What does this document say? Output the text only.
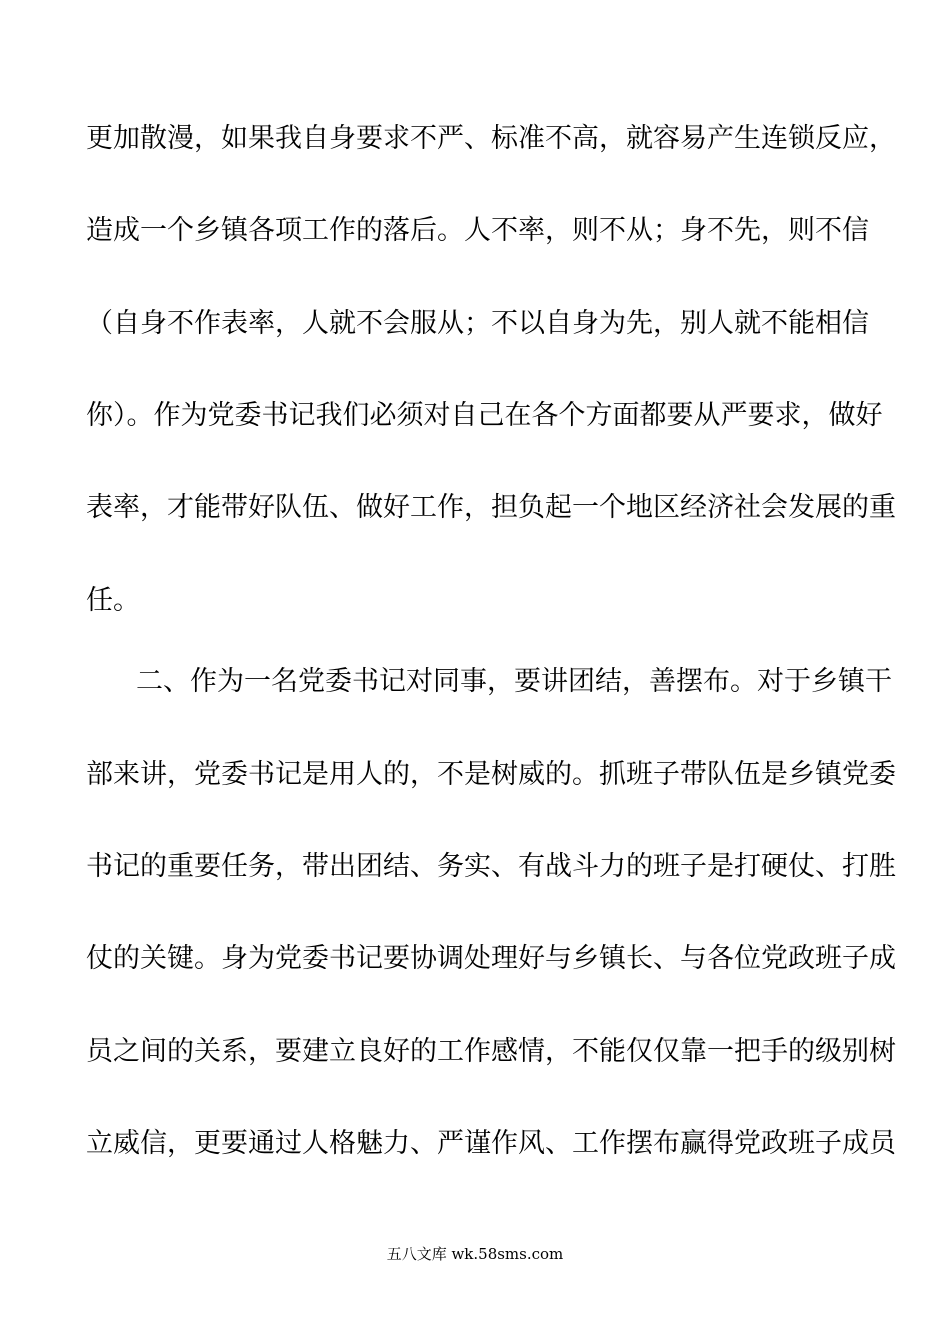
更加散漫，如果我自身要求不严、标准不高，就容易产生连锁反应，
造成一个乡镇各项工作的落后。人不率，则不从；身不先，则不信
（自身不作表率，人就不会服从；不以自身为先，别人就不能相信
你）。作为党委书记我们必须对自己在各个方面都要从严要求，做好
表率，才能带好队伍、做好工作，担负起一个地区经济社会发展的重
任。
二、作为一名党委书记对同事，要讲团结，善摆布。对于乡镇干
部来讲，党委书记是用人的，不是树威的。抓班子带队伍是乡镇党委
书记的重要任务，带出团结、务实、有战斗力的班子是打硬仗、打胜
仗的关键。身为党委书记要协调处理好与乡镇长、与各位党政班子成
员之间的关系，要建立良好的工作感情，不能仅仅靠一把手的级别树
立威信，更要通过人格魅力、严谨作风、工作摆布赢得党政班子成员
五八文库 wk.58sms.com
